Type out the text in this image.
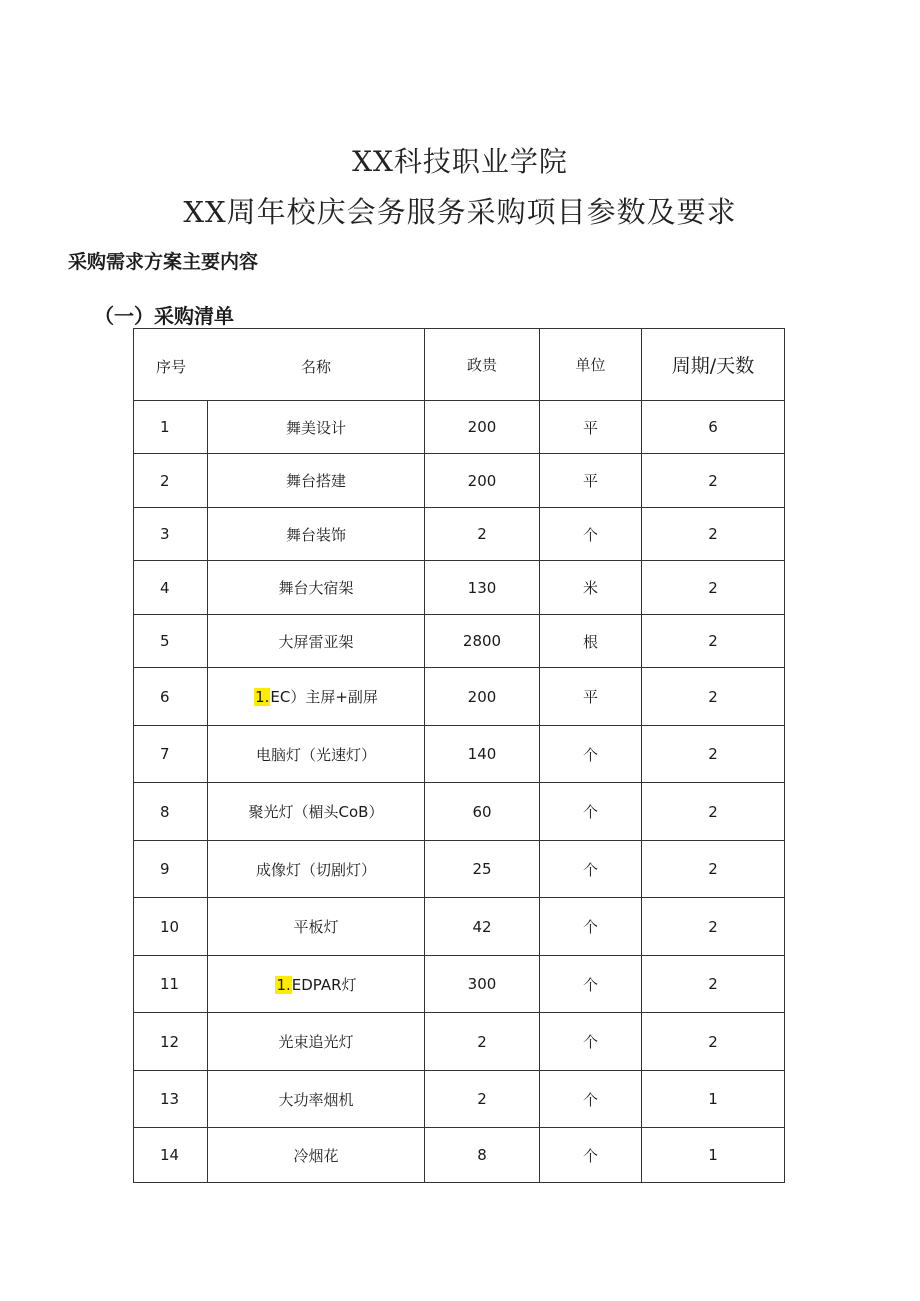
XX科技职业学院
XX周年校庆会务服务采购项目参数及要求
采购需求方案主要内容
（一）采购清单
序号 名称		政贵	单位	周期/天数
1	舞美设计	200	平	6
2	舞台搭建	200	平	2
3	舞台装饰	2	个	2
4	舞台大宿架	130	米	2
5	大屏雷亚架	2800	根	2
6	1.EC）主屏+副屏	200	平	2
7	电脑灯（光速灯）	140	个	2
8	聚光灯（楣头CoB）	60	个	2
9	成像灯（切剧灯）	25	个	2
10	平板灯	42	个	2
11	1.EDPAR灯	300	个	2
12	光束追光灯	2	个	2
13	大功率烟机	2	个	1
14	冷烟花	8	个	1
